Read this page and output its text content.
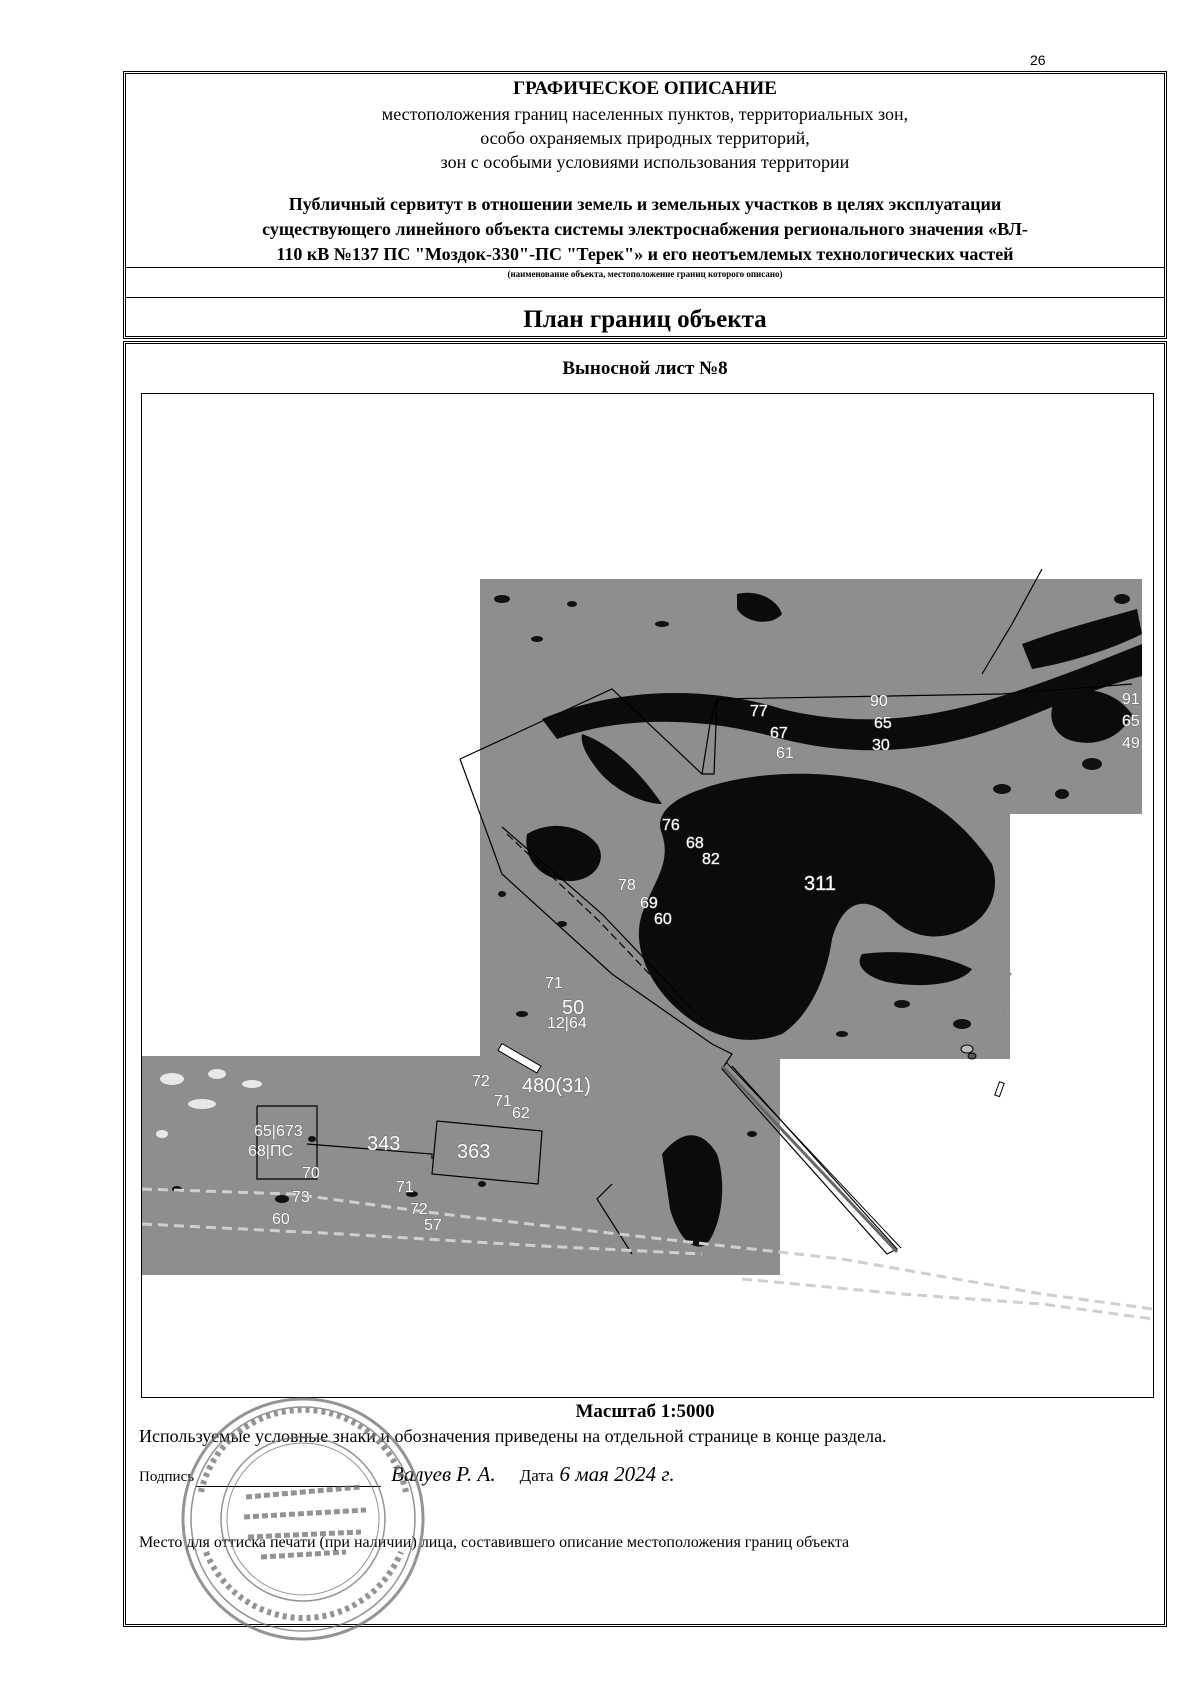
26
ГРАФИЧЕСКОЕ ОПИСАНИЕ
местоположения границ населенных пунктов, территориальных зон,
особо охраняемых природных территорий,
зон с особыми условиями использования территории
Публичный сервитут в отношении земель и земельных участков в целях эксплуатации
существующего линейного объекта системы электроснабжения регионального значения «ВЛ-
110 кВ №137 ПС "Моздок-330"-ПС "Терек"» и его неотъемлемых технологических частей
(наименование объекта, местоположение границ которого описано)
План границ объекта
Выносной лист №8
77
67
61
90
65
30
91
65
49
76
68
82
78
69
60
311
71
50
12|64
72 480(31)
71
62
65|673
68|ПС
70
73
60
343	363
71
72
57
Масштаб 1:5000
Используемые условные знаки и обозначения приведены на отдельной странице в конце раздела.
Подпись	Валуев Р. А. Дата 6 мая 2024 г.
Место для оттиска печати (при наличии) лица, составившего описание местоположения границ объекта
